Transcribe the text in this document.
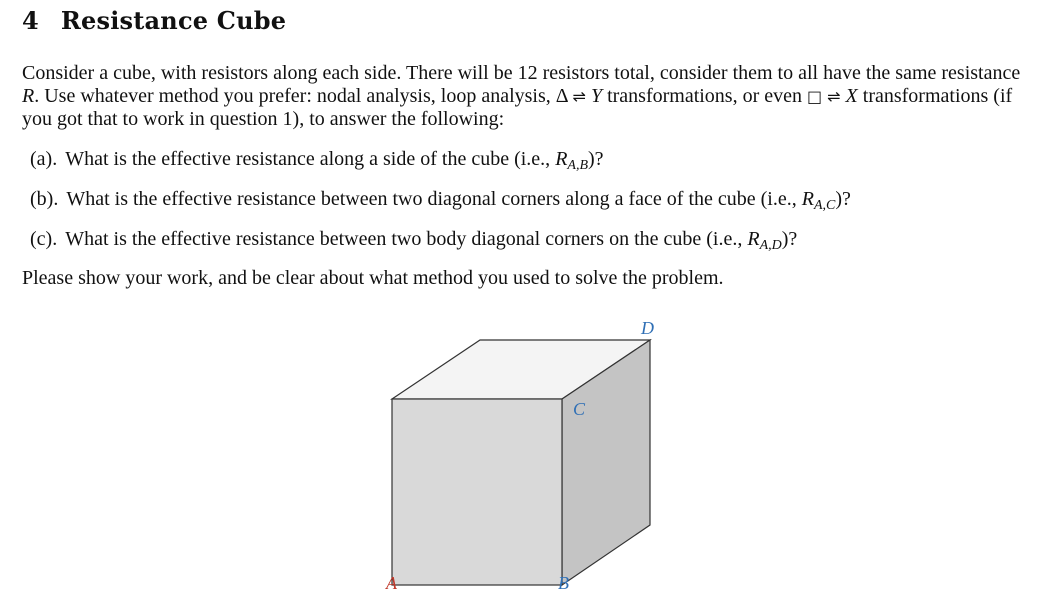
4 Resistance Cube

Consider a cube, with resistors along each side. There will be 12 resistors total, consider them to all have the same resistance R. Use whatever method you prefer: nodal analysis, loop analysis, Δ ⇌ Y transformations, or even □ ⇌ X transformations (if you got that to work in question 1), to answer the following:

(a). What is the effective resistance along a side of the cube (i.e., $R_{A,B}$)?

(b). What is the effective resistance between two diagonal corners along a face of the cube (i.e., $R_{A,C}$)?

(c). What is the effective resistance between two body diagonal corners on the cube (i.e., $R_{A,D}$)?

Please show your work, and be clear about what method you used to solve the problem.

A	B
C
D
